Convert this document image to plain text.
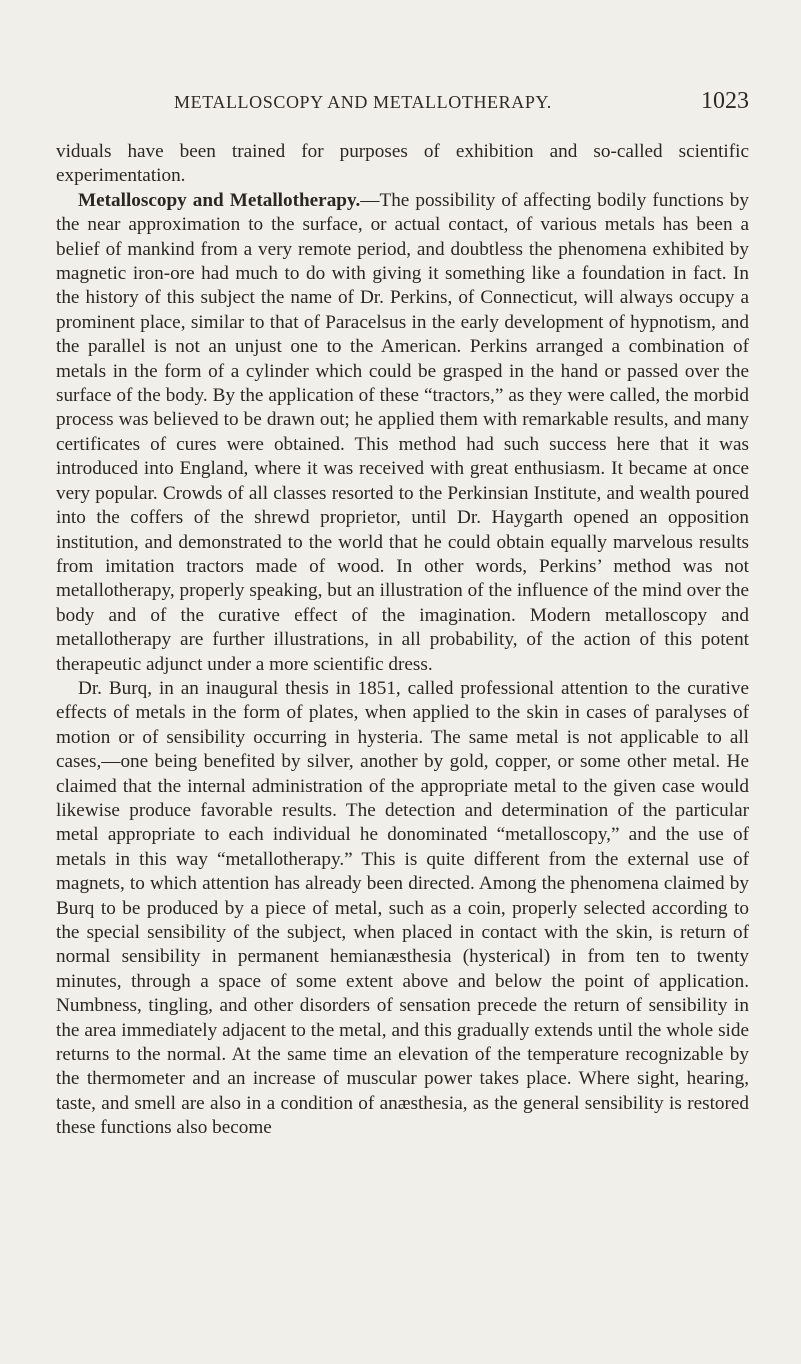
METALLOSCOPY AND METALLOTHERAPY.	1023

viduals have been trained for purposes of exhibition and so-called scientific experimentation.

Metalloscopy and Metallotherapy.—The possibility of affecting bodily functions by the near approximation to the surface, or actual contact, of various metals has been a belief of mankind from a very remote period, and doubtless the phenomena exhibited by magnetic iron-ore had much to do with giving it something like a foundation in fact. In the history of this subject the name of Dr. Perkins, of Connecticut, will always occupy a prominent place, similar to that of Paracelsus in the early development of hypnotism, and the parallel is not an unjust one to the American. Perkins arranged a combination of metals in the form of a cylinder which could be grasped in the hand or passed over the surface of the body. By the application of these “tractors,” as they were called, the morbid process was believed to be drawn out; he applied them with remarkable results, and many certificates of cures were obtained. This method had such success here that it was introduced into England, where it was received with great enthusiasm. It became at once very popular. Crowds of all classes resorted to the Perkinsian Institute, and wealth poured into the coffers of the shrewd proprietor, until Dr. Haygarth opened an opposition institution, and demonstrated to the world that he could obtain equally marvelous results from imitation tractors made of wood. In other words, Perkins’ method was not metallotherapy, properly speaking, but an illustration of the influence of the mind over the body and of the curative effect of the imagination. Modern metalloscopy and metallotherapy are further illustrations, in all probability, of the action of this potent therapeutic adjunct under a more scientific dress.

Dr. Burq, in an inaugural thesis in 1851, called professional attention to the curative effects of metals in the form of plates, when applied to the skin in cases of paralyses of motion or of sensibility occurring in hysteria. The same metal is not applicable to all cases,—one being benefited by silver, another by gold, copper, or some other metal. He claimed that the internal administration of the appropriate metal to the given case would likewise produce favorable results. The detection and determination of the particular metal appropriate to each individual he donominated “metalloscopy,” and the use of metals in this way “metallotherapy.” This is quite different from the external use of magnets, to which attention has already been directed. Among the phenomena claimed by Burq to be produced by a piece of metal, such as a coin, properly selected according to the special sensibility of the subject, when placed in contact with the skin, is return of normal sensibility in permanent hemianæsthesia (hysterical) in from ten to twenty minutes, through a space of some extent above and below the point of application. Numbness, tingling, and other disorders of sensation precede the return of sensibility in the area immediately adjacent to the metal, and this gradually extends until the whole side returns to the normal. At the same time an elevation of the temperature recognizable by the thermometer and an increase of muscular power takes place. Where sight, hearing, taste, and smell are also in a condition of anæsthesia, as the general sensibility is restored these functions also become
